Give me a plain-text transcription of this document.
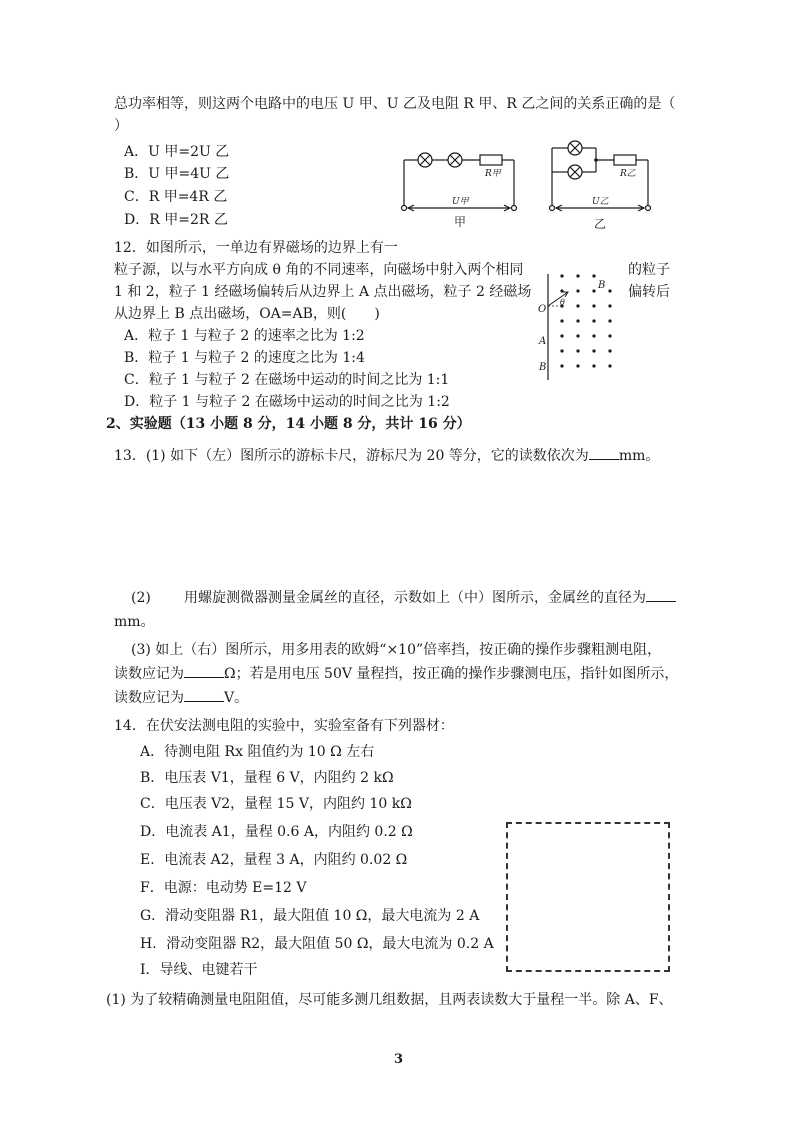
总功率相等，则这两个电路中的电压 U 甲、U 乙及电阻 R 甲、R 乙之间的关系正确的是（
）
A．U 甲=2U 乙
B．U 甲=4U 乙
C．R 甲=4R 乙
D．R 甲=2R 乙
R甲
U甲
甲
R乙
U乙
乙
12．如图所示，一单边有界磁场的边界上有一
粒子源，以与水平方向成 θ 角的不同速率，向磁场中射入两个相同	的粒子
1 和 2，粒子 1 经磁场偏转后从边界上 A 点出磁场，粒子 2 经磁场	偏转后
从边界上 B 点出磁场，OA=AB，则(　　)
A．粒子 1 与粒子 2 的速率之比为 1:2
B．粒子 1 与粒子 2 的速度之比为 1:4
C．粒子 1 与粒子 2 在磁场中运动的时间之比为 1:1
D．粒子 1 与粒子 2 在磁场中运动的时间之比为 1:2
θ
O
A
B
B
2、实验题（13 小题 8 分，14 小题 8 分，共计 16 分）
13．(1) 如下（左）图所示的游标卡尺，游标尺为 20 等分，它的读数依次为 mm。
(2) 用螺旋测微器测量金属丝的直径，示数如上（中）图所示，金属丝的直径为
mm。
(3) 如上（右）图所示，用多用表的欧姆“×10”倍率挡，按正确的操作步骤粗测电阻，
读数应记为	Ω；若是用电压 50V 量程挡，按正确的操作步骤测电压，指针如图所示，
读数应记为	V。
14．在伏安法测电阻的实验中，实验室备有下列器材：
A．待测电阻 Rx 阻值约为 10 Ω 左右
B．电压表 V1，量程 6 V，内阻约 2 kΩ
C．电压表 V2，量程 15 V，内阻约 10 kΩ
D．电流表 A1，量程 0.6 A，内阻约 0.2 Ω
E．电流表 A2，量程 3 A，内阻约 0.02 Ω
F．电源：电动势 E=12 V
G．滑动变阻器 R1，最大阻值 10 Ω，最大电流为 2 A
H．滑动变阻器 R2，最大阻值 50 Ω，最大电流为 0.2 A
I．导线、电键若干
(1) 为了较精确测量电阻阻值，尽可能多测几组数据，且两表读数大于量程一半。除 A、F、
3
